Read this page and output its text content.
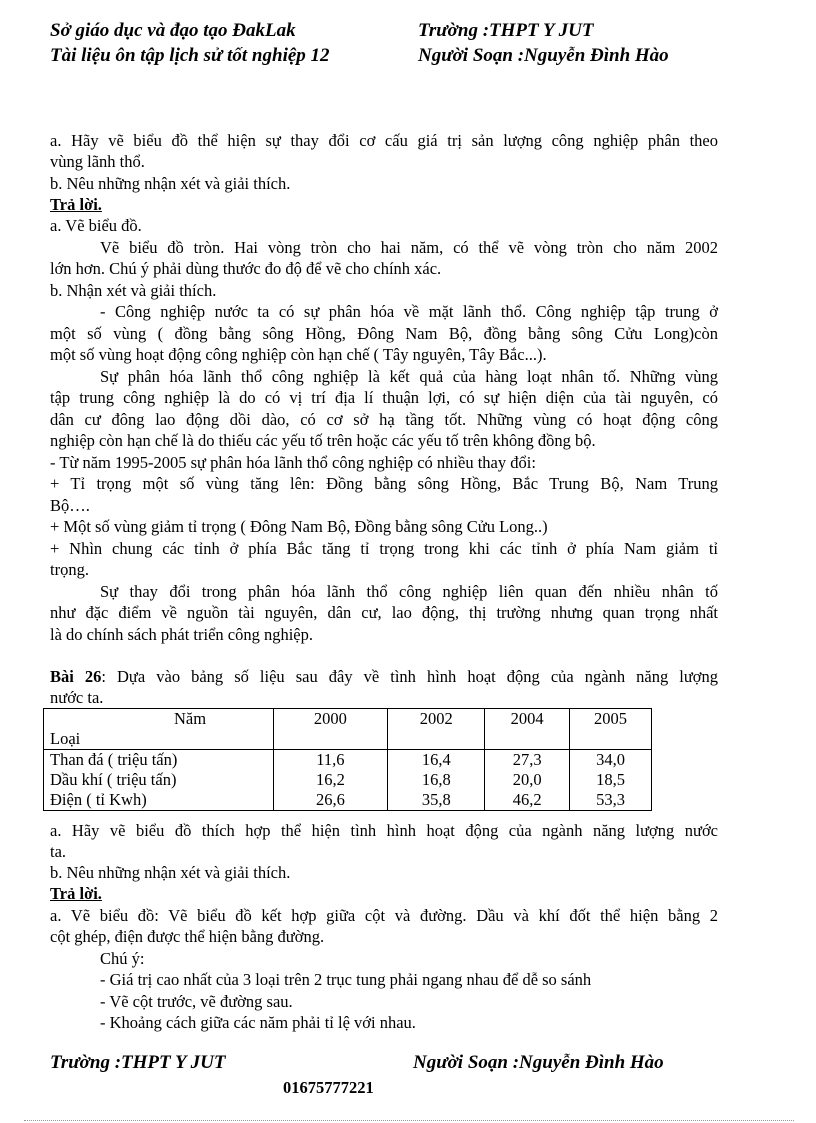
Sở giáo dục và đạo tạo ĐakLak	Trường :THPT Y JUT
Tài liệu ôn tập lịch sử tốt nghiệp 12	Người Soạn :Nguyễn Đình Hào
a. Hãy vẽ biểu đồ thể hiện sự thay đổi cơ cấu giá trị sản lượng công nghiệp phân theo
vùng lãnh thổ.
b. Nêu những nhận xét và giải thích.
Trả lời.
a. Vẽ biểu đồ.
Vẽ biểu đồ tròn. Hai vòng tròn cho hai năm, có thể vẽ vòng tròn cho năm 2002
lớn hơn. Chú ý phải dùng thước đo độ để vẽ cho chính xác.
b. Nhận xét và giải thích.
- Công nghiệp nước ta có sự phân hóa về mặt lãnh thổ. Công nghiệp tập trung ở
một số vùng ( đồng bằng sông Hồng, Đông Nam Bộ, đồng bằng sông Cửu Long)còn
một số vùng hoạt động công nghiệp còn hạn chế ( Tây nguyên, Tây Bắc...).
Sự phân hóa lãnh thổ công nghiệp là kết quả của hàng loạt nhân tố. Những vùng
tập trung công nghiệp là do có vị trí địa lí thuận lợi, có sự hiện diện của tài nguyên, có
dân cư đông lao động dồi dào, có cơ sở hạ tầng tốt. Những vùng có hoạt động công
nghiệp còn hạn chế là do thiếu các yếu tố trên hoặc các yếu tố trên không đồng bộ.
- Từ năm 1995-2005 sự phân hóa lãnh thổ công nghiệp có nhiều thay đổi:
+ Tỉ trọng một số vùng tăng lên: Đồng bằng sông Hồng, Bắc Trung Bộ, Nam Trung
Bộ….
+ Một số vùng giảm tỉ trọng ( Đông Nam Bộ, Đồng bằng sông Cửu Long..)
+ Nhìn chung các tỉnh ở phía Bắc tăng tỉ trọng trong khi các tỉnh ở phía Nam giảm tỉ
trọng.
Sự thay đổi trong phân hóa lãnh thổ công nghiệp liên quan đến nhiều nhân tố
như đặc điểm về nguồn tài nguyên, dân cư, lao động, thị trường nhưng quan trọng nhất
là do chính sách phát triển công nghiệp.
Bài 26: Dựa vào bảng số liệu sau đây về tình hình hoạt động của ngành năng lượng
nước ta.
Năm
Loại	2000	2002	2004	2005
Than đá ( triệu tấn)	11,6	16,4	27,3	34,0
Dầu khí ( triệu tấn)	16,2	16,8	20,0	18,5
Điện ( tỉ Kwh)	26,6	35,8	46,2	53,3
a. Hãy vẽ biểu đồ thích hợp thể hiện tình hình hoạt động của ngành năng lượng nước
ta.
b. Nêu những nhận xét và giải thích.
Trả lời.
a. Vẽ biểu đồ: Vẽ biểu đồ kết hợp giữa cột và đường. Dầu và khí đốt thể hiện bằng 2
cột ghép, điện được thể hiện bằng đường.
Chú ý:
- Giá trị cao nhất của 3 loại trên 2 trục tung phải ngang nhau để dễ so sánh
- Vẽ cột trước, vẽ đường sau.
- Khoảng cách giữa các năm phải tỉ lệ với nhau.
Trường :THPT Y JUT	Người Soạn :Nguyễn Đình Hào
01675777221
